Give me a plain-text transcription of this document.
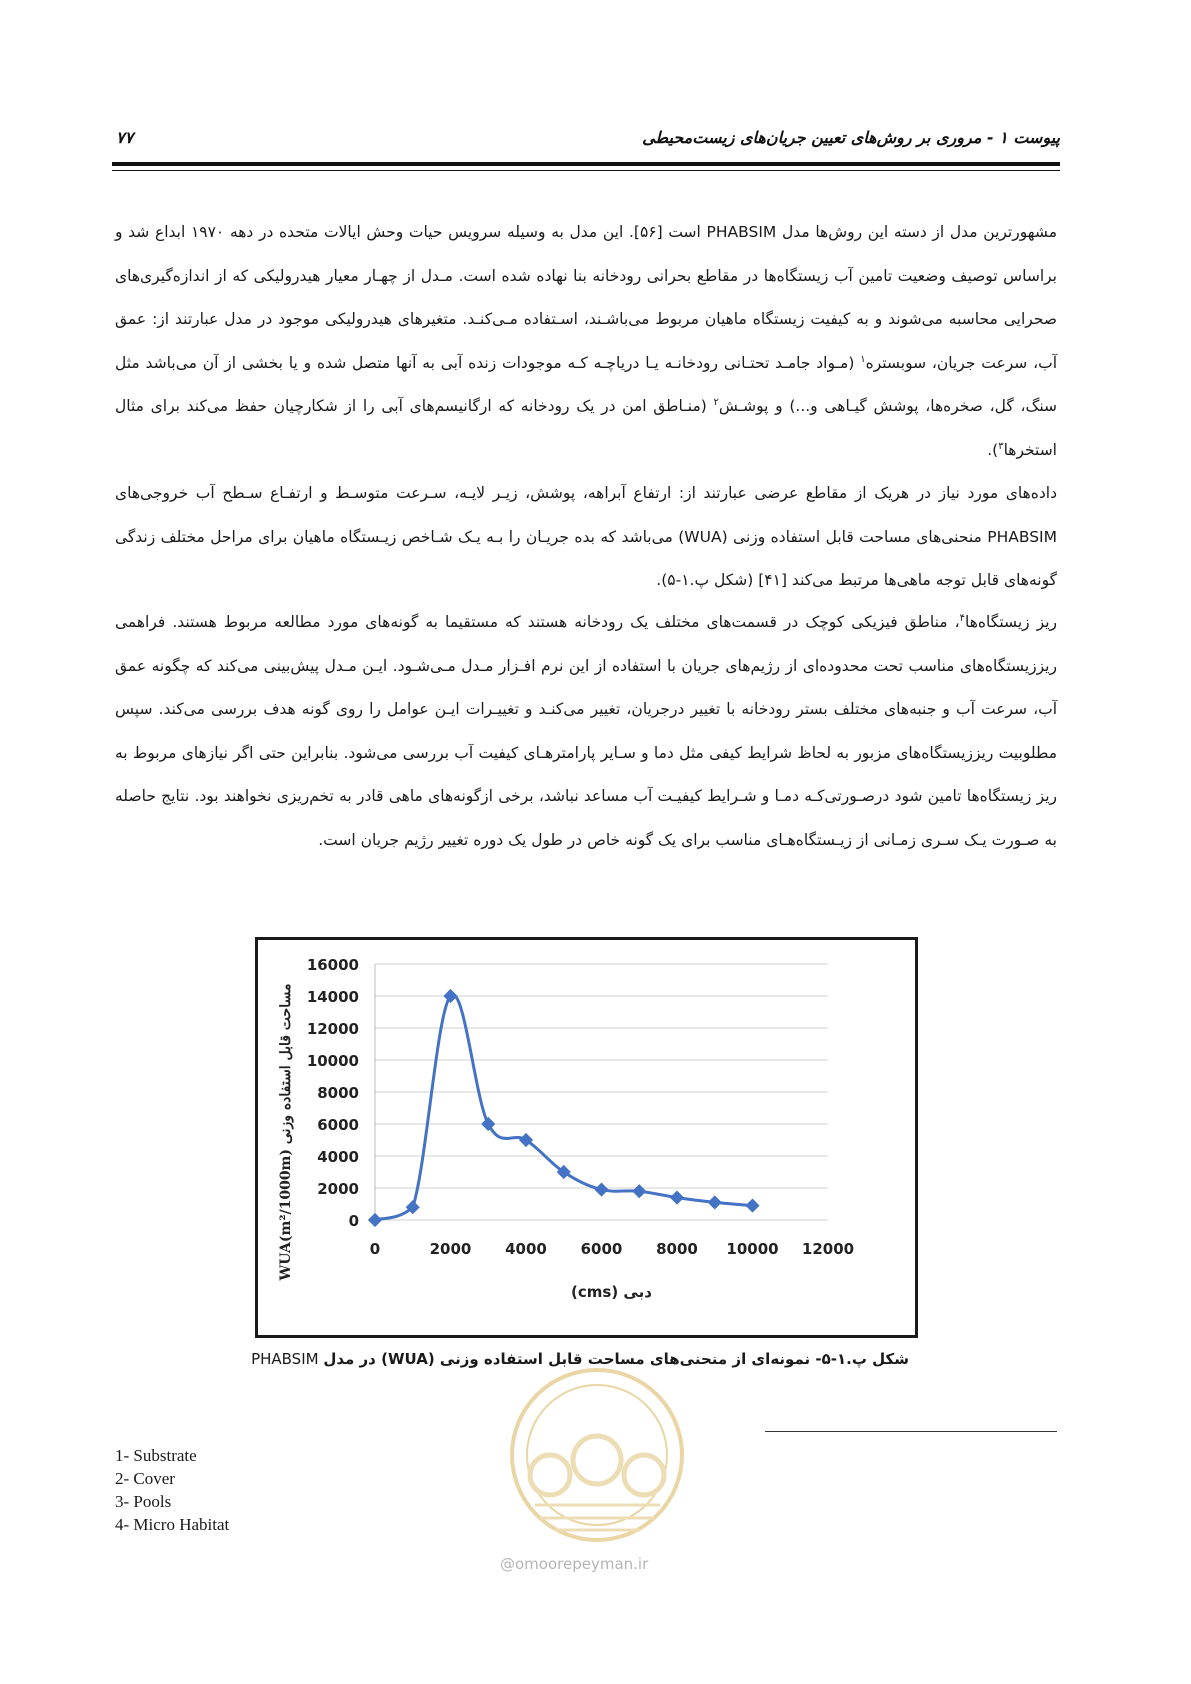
پیوست ۱ - مروری بر روش‌های تعیین جریان‌های زیست‌محیطی
۷۷

مشهورترین مدل از دسته این روش‌ها مدل PHABSIM است [۵۶]. این مدل به وسیله سرویس حیات وحش ایالات متحده در دهه ۱۹۷۰ ابداع شد و براساس توصیف وضعیت تامین آب زیستگاه‌ها در مقاطع بحرانی رودخانه بنا نهاده شده است. مـدل از چهـار معیار هیدرولیکی که از اندازه‌گیری‌های صحرایی محاسبه می‌شوند و به کیفیت زیستگاه ماهیان مربوط می‌باشـند، اسـتفاده مـی‌کنـد. متغیرهای هیدرولیکی موجود در مدل عبارتند از: عمق آب، سرعت جریان، سوبستره$^۱$ (مـواد جامـد تحتـانی رودخانـه یـا دریاچـه کـه موجودات زنده آبی به آنها متصل شده و یا بخشی از آن می‌باشد مثل سنگ، گل، صخره‌ها، پوشش گیـاهی و...) و پوشـش$^۲$ (منـاطق امن در یک رودخانه که ارگانیسم‌های آبی را از شکارچیان حفظ می‌کند برای مثال استخرها$^۳$).

داده‌های مورد نیاز در هریک از مقاطع عرضی عبارتند از: ارتفاع آبراهه، پوشش، زیـر لایـه، سـرعت متوسـط و ارتفـاع سـطح آب خروجی‌های PHABSIM منحنی‌های مساحت قابل استفاده وزنی (WUA) می‌باشد که بده جریـان را بـه یـک شـاخص زیـستگاه ماهیان برای مراحل مختلف زندگی گونه‌های قابل توجه ماهی‌ها مرتبط می‌کند [۴۱] (شکل پ.۱-۵).

ریز زیستگاه‌ها$^۴$، مناطق فیزیکی کوچک در قسمت‌های مختلف یک رودخانه هستند که مستقیما به گونه‌های مورد مطالعه مربوط هستند. فراهمی ریززیستگاه‌های مناسب تحت محدوده‌ای از رژیم‌های جریان با استفاده از این نرم افـزار مـدل مـی‌شـود. ایـن مـدل پیش‌بینی می‌کند که چگونه عمق آب، سرعت آب و جنبه‌های مختلف بستر رودخانه با تغییر درجریان، تغییر می‌کنـد و تغییـرات ایـن عوامل را روی گونه هدف بررسی می‌کند. سپس مطلوبیت ریززیستگاه‌های مزبور به لحاظ شرایط کیفی مثل دما و سـایر پارامترهـای کیفیت آب بررسی می‌شود. بنابراین حتی اگر نیازهای مربوط به ریز زیستگاه‌ها تامین شود درصـورتی‌کـه دمـا و شـرایط کیفیـت آب مساعد نباشد، برخی ازگونه‌های ماهی قادر به تخم‌ریزی نخواهند بود. نتایج حاصله به صـورت یـک سـری زمـانی از زیـستگاه‌هـای مناسب برای یک گونه خاص در طول یک دوره تغییر رژیم جریان است.

0
2000
4000
6000
8000
10000
12000
14000
16000
0	2000 4000 6000 8000 10000 12000
دبی (cms)
WUA(m²/1000m) مساحت قابل استفاده وزنی
شکل پ.۱-۵- نمونه‌ای از منحنی‌های مساحت قابل استفاده وزنی (WUA) در مدل PHABSIM
@omoorepeyman.ir
1- Substrate
2- Cover
3- Pools
4- Micro Habitat
